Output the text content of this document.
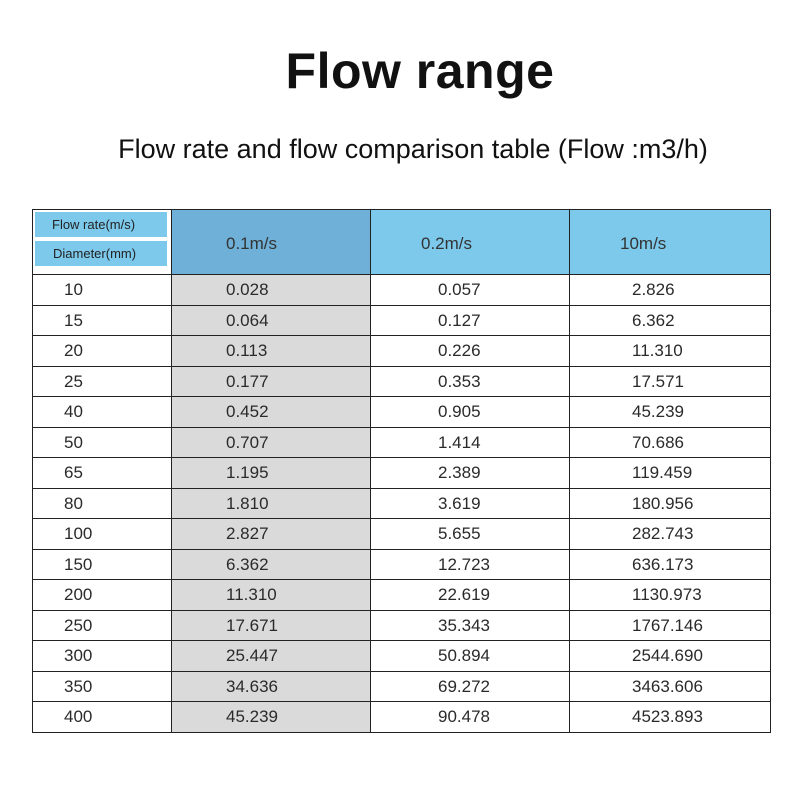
Flow range
Flow rate and flow comparison table (Flow :m3/h)
Flow rate(m/s)
Diameter(mm)	0.1m/s	0.2m/s	10m/s
10	0.028	0.057	2.826
15	0.064	0.127	6.362
20	0.113	0.226	11.310
25	0.177	0.353	17.571
40	0.452	0.905	45.239
50	0.707	1.414	70.686
65	1.195	2.389	119.459
80	1.810	3.619	180.956
100	2.827	5.655	282.743
150	6.362	12.723	636.173
200	11.310	22.619	1130.973
250	17.671	35.343	1767.146
300	25.447	50.894	2544.690
350	34.636	69.272	3463.606
400	45.239	90.478	4523.893
